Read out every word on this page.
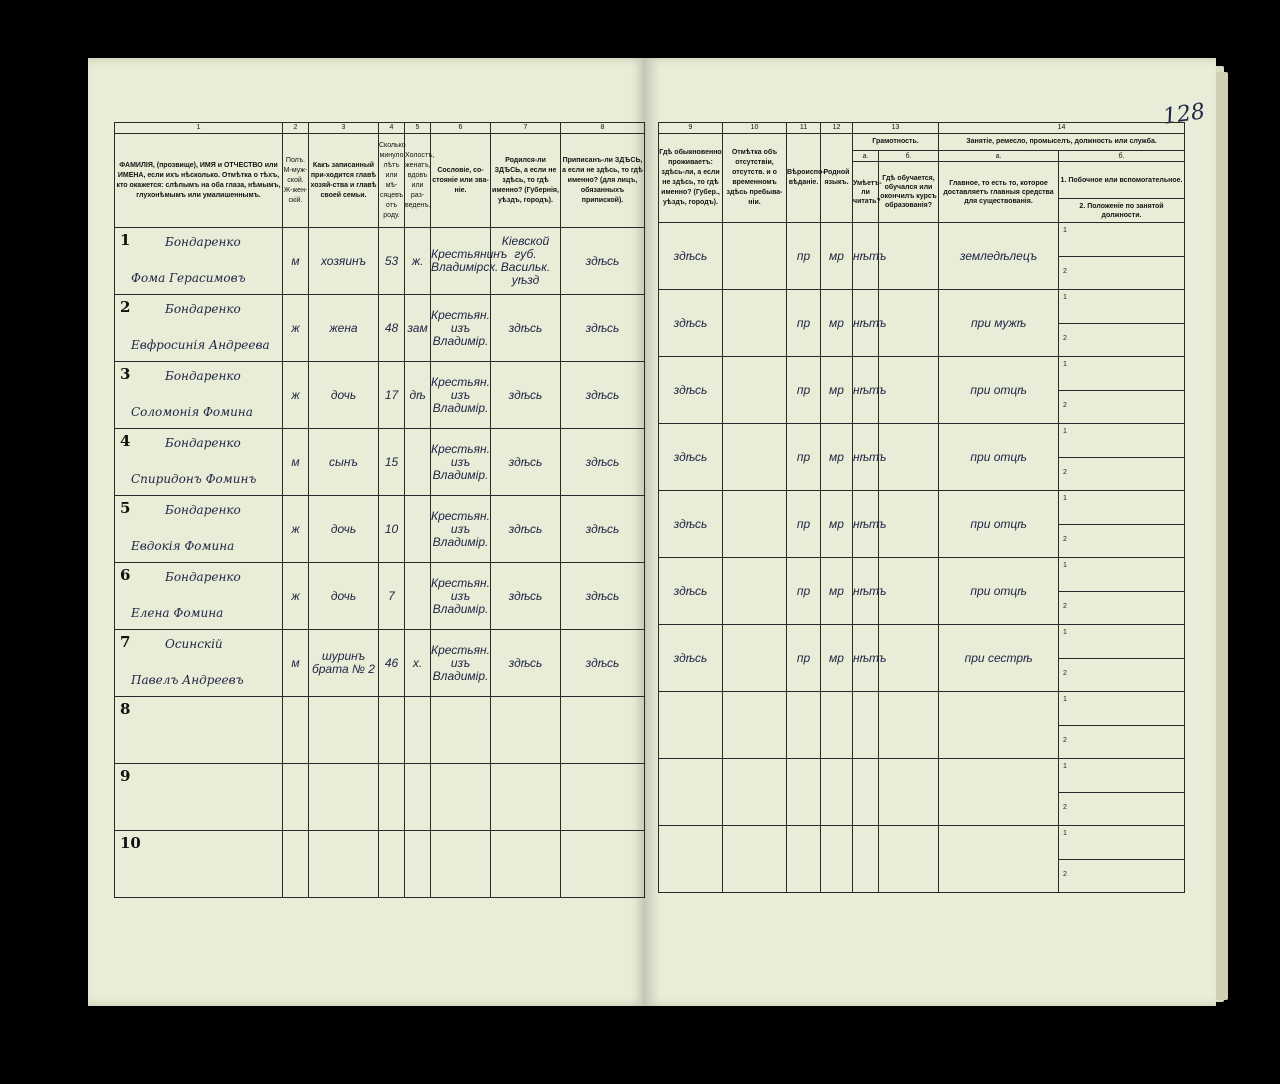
128
1	2	3	4	5	6	7	8
ФАМИЛІЯ, (прозвище), ИМЯ и ОТЧЕСТВО или ИМЕНА, если ихъ нѣсколько. Отмѣтка о тѣхъ, кто окажется: слѣпымъ на оба глаза, нѣмымъ, глухонѣмымъ или умалишеннымъ.	Полъ. М-муж-ской. Ж-жен-скій.	Какъ записанный при-ходится главѣ хозяй-ства и главѣ своей семьи.	Сколько минуло лѣтъ или мѣ-сяцевъ отъ роду.	Холостъ, женатъ, вдовъ или раз-веденъ.	Сословіе, со-стояніе или зва-ніе.	Родился-ли ЗДѢСЬ, а если не здѣсь, то гдѣ именно? (Губернія, уѣздъ, городъ).	Приписанъ-ли ЗДѢСЬ, а если не здѣсь, то гдѣ именно? (для лицъ, обязанныхъ припиской).

1 Бондаренко
Фома Герасимовъ	м	хозяинъ	53	ж.	Крестьянинъ Владимірск.	Кіевской губ. Васильк. уѣзд	здѣсь

2 Бондаренко
Евфросинія Андреева	ж	жена	48	зам	Крестьян. изъ Владимір.	здѣсь	здѣсь

3 Бондаренко
Соломонія Фомина	ж	дочь	17	дѣ	Крестьян. изъ Владимір.	здѣсь	здѣсь

4 Бондаренко
Спиридонъ Фоминъ	м	сынъ	15		Крестьян. изъ Владимір.	здѣсь	здѣсь

5 Бондаренко
Евдокія Фомина	ж	дочь	10		Крестьян. изъ Владимір.	здѣсь	здѣсь

6 Бондаренко
Елена Фомина	ж	дочь	7		Крестьян. изъ Владимір.	здѣсь	здѣсь

7 Осинскій
Павелъ Андреевъ	м	шуринъ брата № 2	46	х.	Крестьян. изъ Владимір.	здѣсь	здѣсь

8							

9							

10							

9	10	11	12	13		14	
Гдѣ обыкновенно проживаетъ: здѣсь-ли, а если не здѣсь, то гдѣ именно? (Губер., уѣздъ, городъ).	Отмѣтка объ отсутствіи, отсутств. и о временномъ здѣсь пребыва-ніи.	Вѣроиспо-вѣданіе.	Родной языкъ.	Грамотность.		Занятіе, ремесло, промыселъ, должность или служба.	
				а.	б.	а.	б.
				Умѣетъ-ли читать?	Гдѣ обучается, обучался или окончилъ курсъ образованія?	Главное, то есть то, которое доставляетъ главныя средства для существованія.	1. Побочное или вспомогательное.
2. Положеніе по занятой должности.

здѣсь		пр	мр	нѣтъ		земледѣлецъ	1
2

здѣсь		пр	мр	нѣтъ		при мужѣ	1
2

здѣсь		пр	мр	нѣтъ		при отцѣ	1
2

здѣсь		пр	мр	нѣтъ		при отцѣ	1
2

здѣсь		пр	мр	нѣтъ		при отцѣ	1
2

здѣсь		пр	мр	нѣтъ		при отцѣ	1
2

здѣсь		пр	мр	нѣтъ		при сестрѣ	1
2

							1
2

							1
2

							1
2
